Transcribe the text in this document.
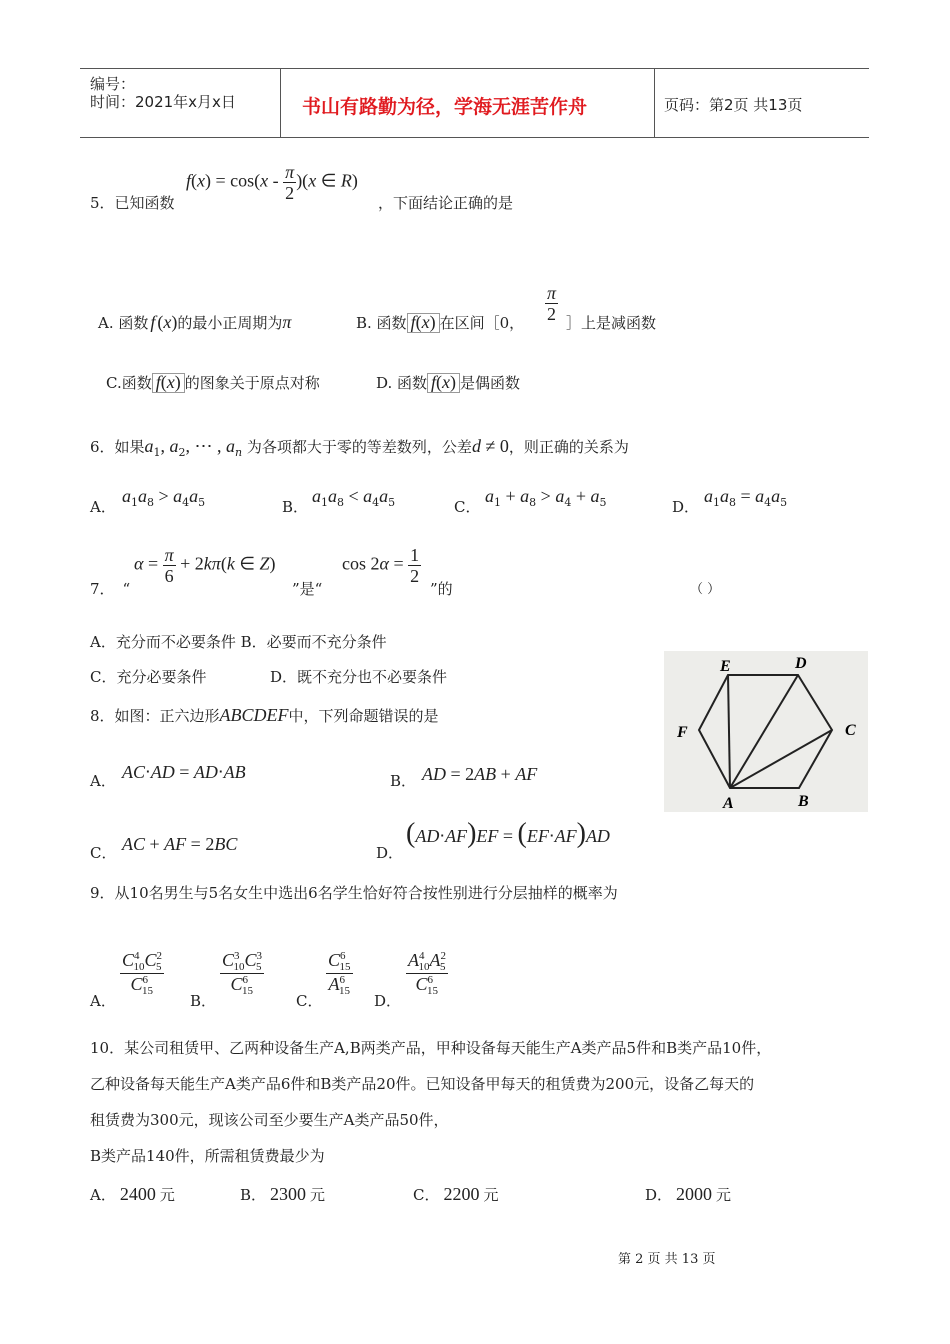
编号：
时间：2021年x月x日	书山有路勤为径，学海无涯苦作舟	页码：第2页 共13页
5．已知函数
$f(x) = \cos(x - \frac{\pi}{2} )(x$ ∈ R)
，下面结论正确的是
A. 函数 f (x)的最小正周期为π	B. 函数 f(x) 在区间［0， $\frac{\pi}{2}$ ］上是减函数
C.函数 f(x) 的图象关于原点对称	D. 函数 f(x) 是偶函数
6．如果$a_1$, $a_2$, ⋯ , $a_n$ 为各项都大于零的等差数列，公差d ≠ 0，则正确的关系为
A．
$a_1a_8 > a_4a_5$	B．
$a_1a_8 < a_4a_5$	C．
$a_1 + a_8 > a_4 + a_5$	D．
$a_1a_8 = a_4a_5$
7． “
$\alpha = \frac{\pi}{6} + 2k\pi(k$ ∈ Z)
”是“
$\cos 2\alpha = \frac{1}{2}$
”的	（ ）
A．充分而不必要条件 B．必要而不充分条件
C．充分必要条件	D．既不充分也不必要条件
8．如图：正六边形ABCDEF中，下列命题错误的是
A． AC⋅AD = AD⋅AB	B． AD = 2AB + AF
C． AC + AF = 2BC	D．
(AD⋅AF)EF = (EF⋅AF)AD
A	B
C
D
E
F
9．从10名男生与5名女生中选出6名学生恰好符合按性别进行分层抽样的概率为
A．
$\frac{C^4_{10}C^2_5}{C^6_{15}}$
B．
$\frac{C^3_{10}C^3_5}{C^6_{15}}$
C．
$\frac{C^6_{15}}{A^6_{15}}$
D．
$\frac{A^4_{10}A^2_5}{C^6_{15}}$
10．某公司租赁甲、乙两种设备生产A,B两类产品，甲种设备每天能生产A类产品5件和B类产品10件，
乙种设备每天能生产A类产品6件和B类产品20件。已知设备甲每天的租赁费为200元，设备乙每天的
租赁费为300元，现该公司至少要生产A类产品50件，
B类产品140件，所需租赁费最少为
A． 2400 元	B． 2300 元	C． 2200 元	D． 2000 元
第 2 页 共 13 页
